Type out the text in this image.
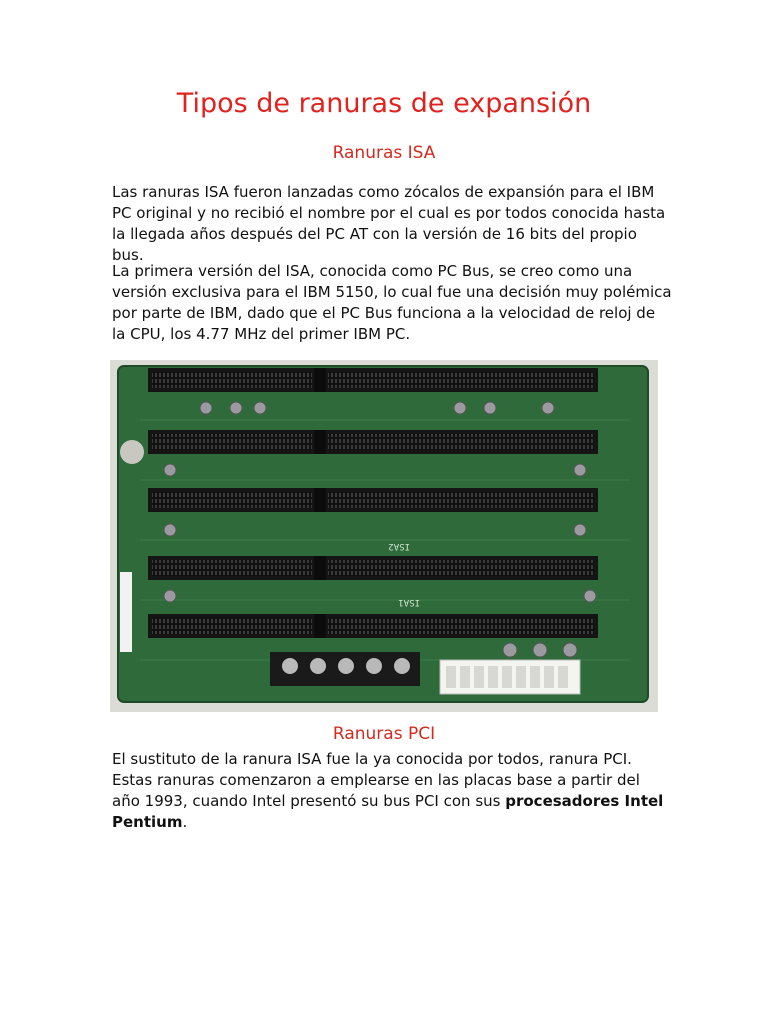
Tipos de ranuras de expansión
Ranuras ISA
Las ranuras ISA fueron lanzadas como zócalos de expansión para el IBM PC original y no recibió el nombre por el cual es por todos conocida hasta la llegada años después del PC AT con la versión de 16 bits del propio bus.
La primera versión del ISA, conocida como PC Bus, se creo como una versión exclusiva para el IBM 5150, lo cual fue una decisión muy polémica por parte de IBM, dado que el PC Bus funciona a la velocidad de reloj de la CPU, los 4.77 MHz del primer IBM PC.
ISA2
ISA1
Ranuras PCI
El sustituto de la ranura ISA fue la ya conocida por todos, ranura PCI. Estas ranuras comenzaron a emplearse en las placas base a partir del año 1993, cuando Intel presentó su bus PCI con sus procesadores Intel Pentium.
